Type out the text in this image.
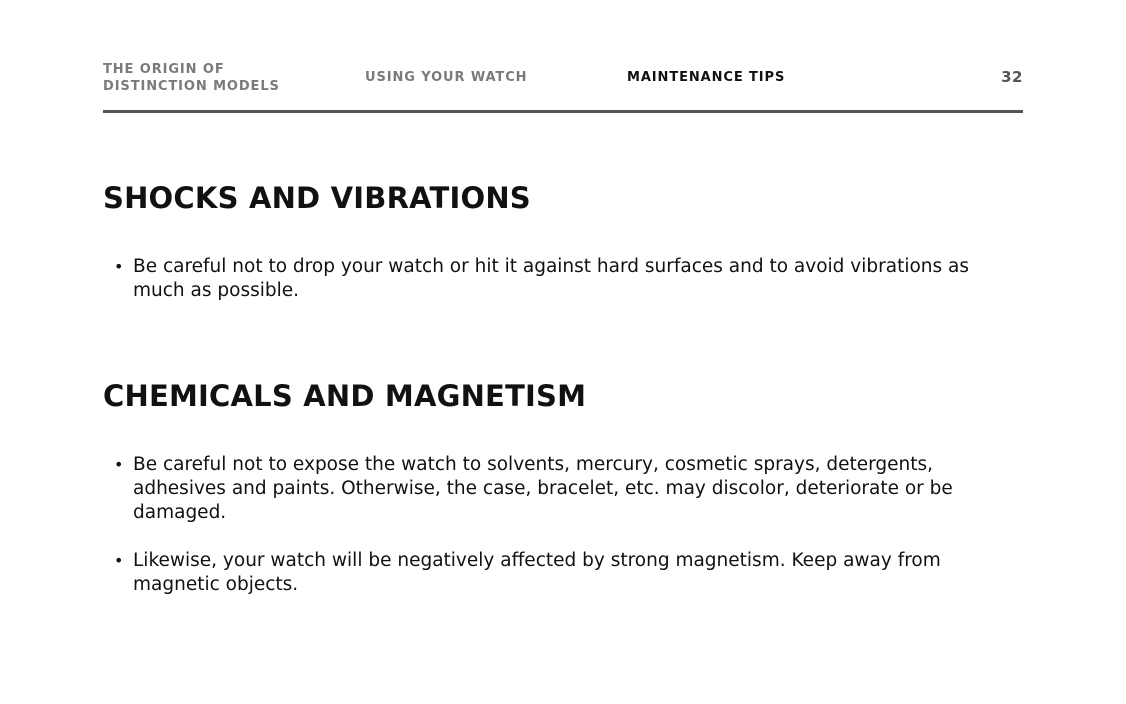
THE ORIGIN OF DISTINCTION MODELS
USING YOUR WATCH	MAINTENANCE TIPS	32
SHOCKS AND VIBRATIONS
• Be careful not to drop your watch or hit it against hard surfaces and to avoid vibrations as much as possible.
CHEMICALS AND MAGNETISM
• Be careful not to expose the watch to solvents, mercury, cosmetic sprays, detergents, adhesives and paints. Otherwise, the case, bracelet, etc. may discolor, deteriorate or be damaged.
• Likewise, your watch will be negatively affected by strong magnetism. Keep away from magnetic objects.
